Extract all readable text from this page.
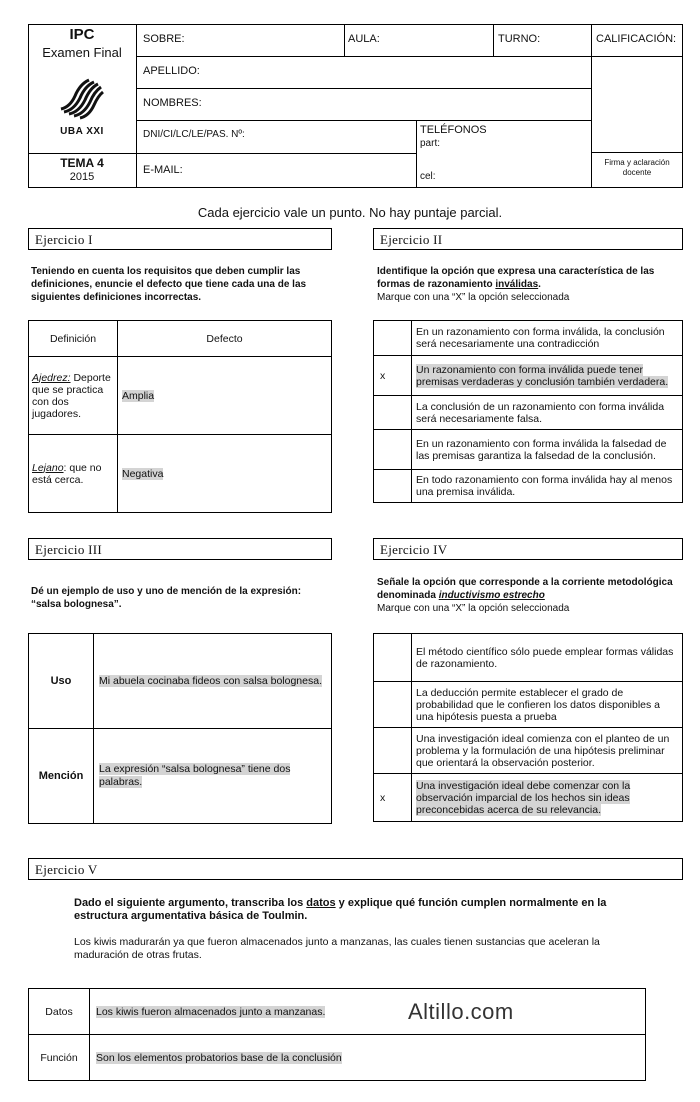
IPC
Examen Final
UBA XXI
TEMA 4
2015
SOBRE:	AULA:	TURNO:	CALIFICACIÓN:
APELLIDO:
NOMBRES:
DNI/CI/LC/LE/PAS. Nº:	TELÉFONOS
part:
E-MAIL:
cel:
Firma y aclaración docente
Cada ejercicio vale un punto. No hay puntaje parcial.
Ejercicio I
Teniendo en cuenta los requisitos que deben cumplir las definiciones, enuncie el defecto que tiene cada una de las siguientes definiciones incorrectas.
Definición	Defecto
Ajedrez: Deporte que se practica con dos jugadores.	Amplia
Lejano: que no está cerca.	Negativa
Ejercicio II
Identifique la opción que expresa una característica de las formas de razonamiento inválidas.
Marque con una “X” la opción seleccionada
	En un razonamiento con forma inválida, la conclusión será necesariamente una contradicción
x	Un razonamiento con forma inválida puede tener premisas verdaderas y conclusión también verdadera.
	La conclusión de un razonamiento con forma inválida será necesariamente falsa.
	En un razonamiento con forma inválida la falsedad de las premisas garantiza la falsedad de la conclusión.
	En todo razonamiento con forma inválida hay al menos una premisa inválida.
Ejercicio III
Dé un ejemplo de uso y uno de mención de la expresión: “salsa bolognesa”.
Uso	Mi abuela cocinaba fideos con salsa bolognesa.
Mención	La expresión “salsa bolognesa” tiene dos palabras.
Ejercicio IV
Señale la opción que corresponde a la corriente metodológica denominada inductivismo estrecho
Marque con una “X” la opción seleccionada
	El método científico sólo puede emplear formas válidas de razonamiento.
	La deducción permite establecer el grado de probabilidad que le confieren los datos disponibles a una hipótesis puesta a prueba
	Una investigación ideal comienza con el planteo de un problema y la formulación de una hipótesis preliminar que orientará la observación posterior.
x	Una investigación ideal debe comenzar con la observación imparcial de los hechos sin ideas preconcebidas acerca de su relevancia.
Ejercicio V
Dado el siguiente argumento, transcriba los datos y explique qué función cumplen normalmente en la estructura argumentativa básica de Toulmin.
Los kiwis madurarán ya que fueron almacenados junto a manzanas, las cuales tienen sustancias que aceleran la maduración de otras frutas.
Datos	Los kiwis fueron almacenados junto a manzanas. Altillo.com

Función	Son los elementos probatorios base de la conclusión
